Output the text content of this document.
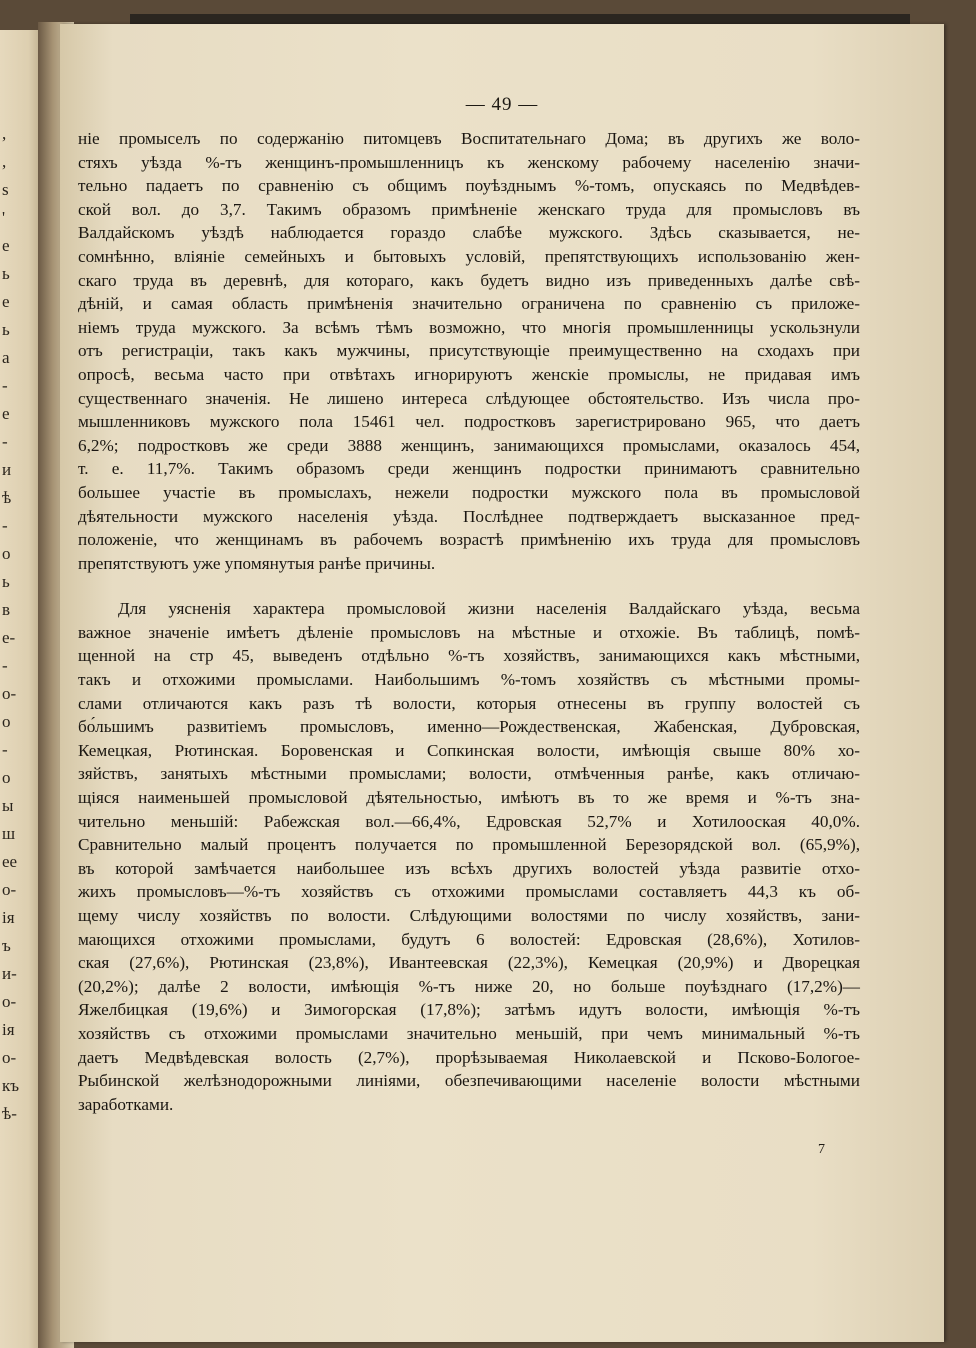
,
,
s
'
е
ь
е
ь
а
-
е
-
и
ѣ
-
о
ь
в
e-
-
о-
о
-
о
ы
ш
ее
о-
ія
ъ
и-
о-
ія
о-
къ
ѣ-
— 49 —

ніе промыселъ по содержанію питомцевъ Воспитательнаго Дома; въ другихъ же воло-
стяхъ уѣзда %-тъ женщинъ-промышленницъ къ женскому рабочему населенію значи-
тельно падаетъ по сравненію съ общимъ поуѣзднымъ %-томъ, опускаясь по Медвѣдев-
ской вол. до 3,7. Такимъ образомъ примѣненіе женскаго труда для промысловъ въ
Валдайскомъ уѣздѣ наблюдается гораздо слабѣе мужского. Здѣсь сказывается, не-
сомнѣнно, вліяніе семейныхъ и бытовыхъ условій, препятствующихъ использованію жен-
скаго труда въ деревнѣ, для котораго, какъ будетъ видно изъ приведенныхъ далѣе свѣ-
дѣній, и самая область примѣненія значительно ограничена по сравненію съ приложе-
ніемъ труда мужского. За всѣмъ тѣмъ возможно, что многія промышленницы ускользнули
отъ регистраціи, такъ какъ мужчины, присутствующіе преимущественно на сходахъ при
опросѣ, весьма часто при отвѣтахъ игнорируютъ женскіе промыслы, не придавая имъ
существеннаго значенія. Не лишено интереса слѣдующее обстоятельство. Изъ числа про-
мышленниковъ мужского пола 15461 чел. подростковъ зарегистрировано 965, что даетъ
6,2%; подростковъ же среди 3888 женщинъ, занимающихся промыслами, оказалось 454,
т. е. 11,7%. Такимъ образомъ среди женщинъ подростки принимаютъ сравнительно
большее участіе въ промыслахъ, нежели подростки мужского пола въ промысловой
дѣятельности мужского населенія уѣзда. Послѣднее подтверждаетъ высказанное пред-
положеніе, что женщинамъ въ рабочемъ возрастѣ примѣненію ихъ труда для промысловъ
препятствуютъ уже упомянутыя ранѣе причины.

Для уясненія характера промысловой жизни населенія Валдайскаго уѣзда, весьма
важное значеніе имѣетъ дѣленіе промысловъ на мѣстные и отхожіе. Въ таблицѣ, помѣ-
щенной на стр 45, выведенъ отдѣльно %-тъ хозяйствъ, занимающихся какъ мѣстными,
такъ и отхожими промыслами. Наибольшимъ %-томъ хозяйствъ съ мѣстными промы-
слами отличаются какъ разъ тѣ волости, которыя отнесены въ группу волостей съ
бо́льшимъ развитіемъ промысловъ, именно—Рождественская, Жабенская, Дубровская,
Кемецкая, Рютинская. Боровенская и Сопкинская волости, имѣющія свыше 80% хо-
зяйствъ, занятыхъ мѣстными промыслами; волости, отмѣченныя ранѣе, какъ отличаю-
щіяся наименьшей промысловой дѣятельностью, имѣютъ въ то же время и %-тъ зна-
чительно меньшій: Рабежская вол.—66,4%, Едровская 52,7% и Хотилооская 40,0%.
Сравнительно малый процентъ получается по промышленной Березорядской вол. (65,9%),
въ которой замѣчается наибольшее изъ всѣхъ другихъ волостей уѣзда развитіе отхо-
жихъ промысловъ—%-тъ хозяйствъ съ отхожими промыслами составляетъ 44,3 къ об-
щему числу хозяйствъ по волости. Слѣдующими волостями по числу хозяйствъ, зани-
мающихся отхожими промыслами, будутъ 6 волостей: Едровская (28,6%), Хотилов-
ская (27,6%), Рютинская (23,8%), Ивантеевская (22,3%), Кемецкая (20,9%) и Дворецкая
(20,2%); далѣе 2 волости, имѣющія %-тъ ниже 20, но больше поуѣзднаго (17,2%)—
Яжелбицкая (19,6%) и Зимогорская (17,8%); затѣмъ идутъ волости, имѣющія %-тъ
хозяйствъ съ отхожими промыслами значительно меньшій, при чемъ минимальный %-тъ
даетъ Медвѣдевская волость (2,7%), прорѣзываемая Николаевской и Псково-Бологое-
Рыбинской желѣзнодорожными линіями, обезпечивающими населеніе волости мѣстными
заработками.

7
